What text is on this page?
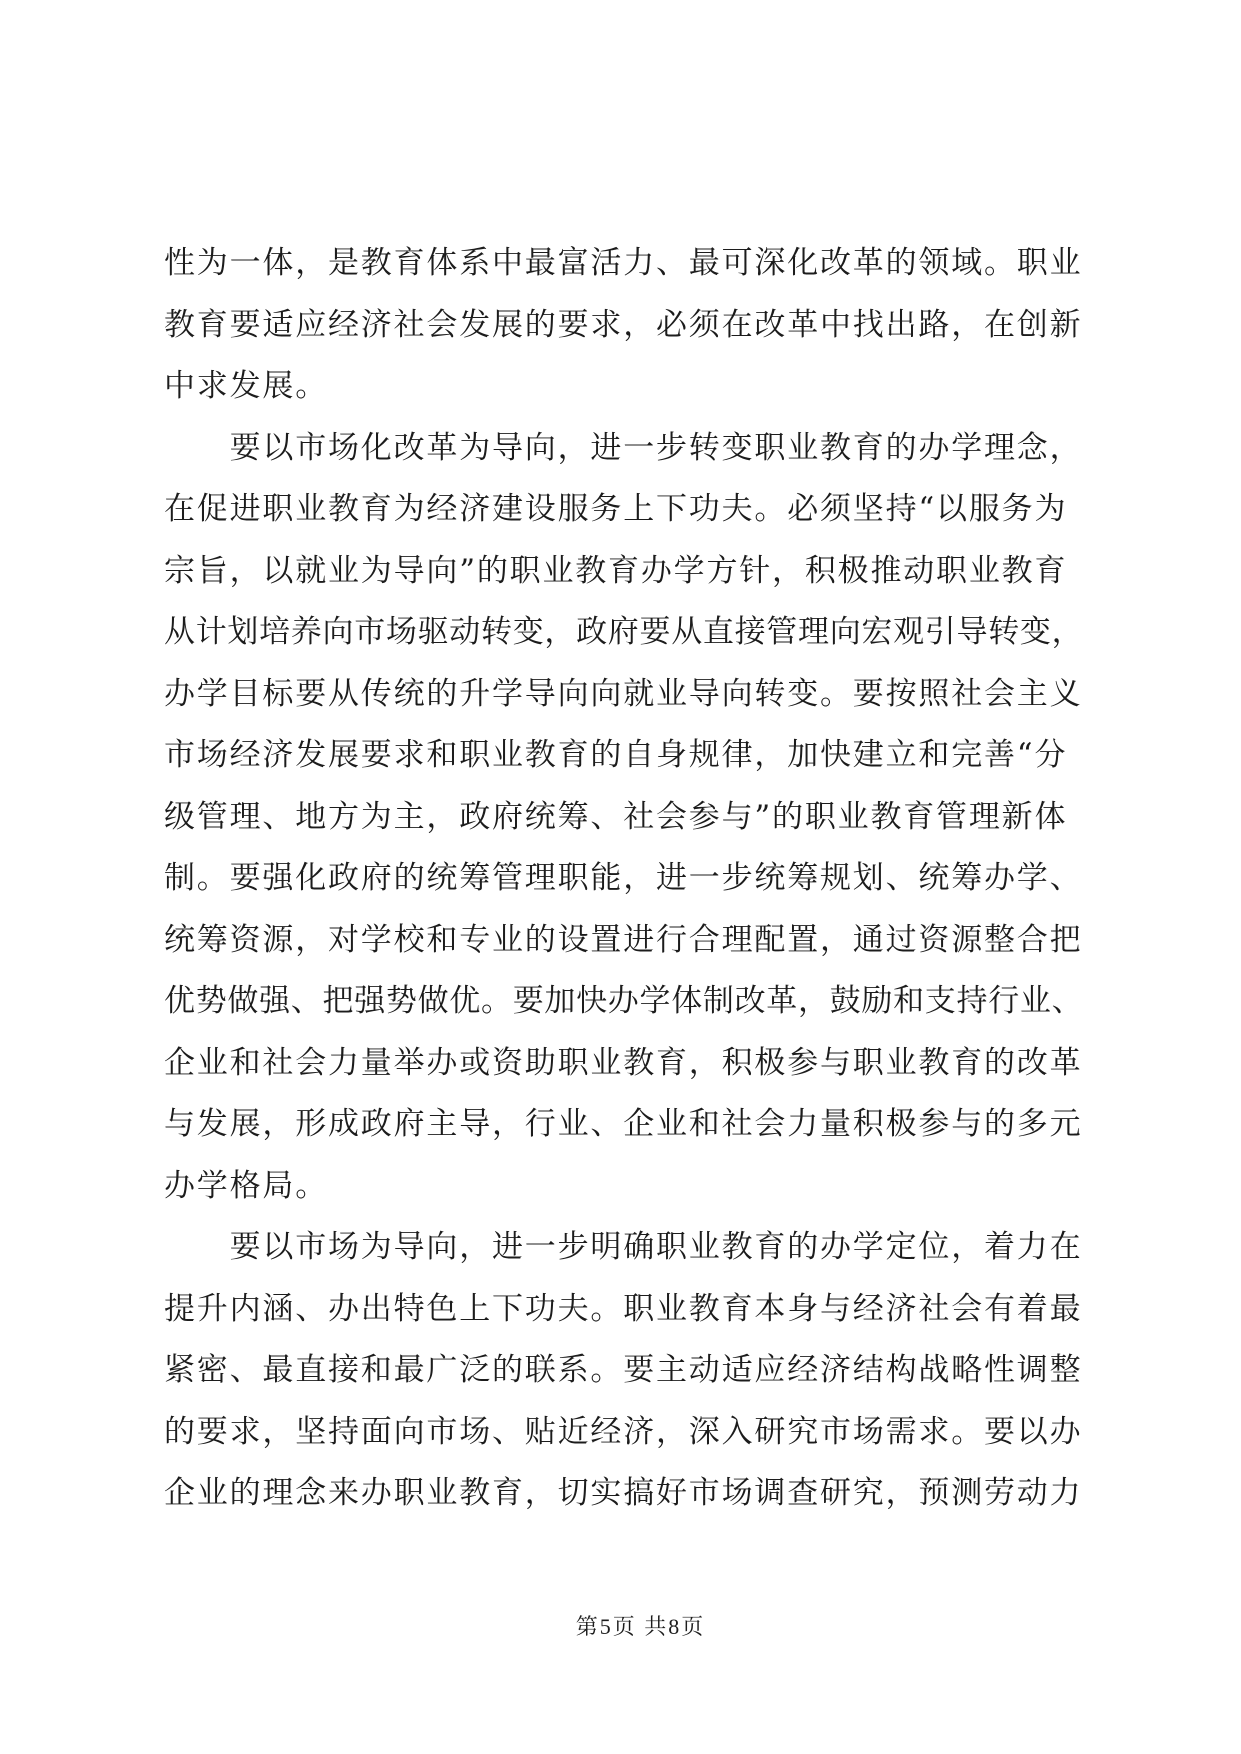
性为一体，是教育体系中最富活力、最可深化改革的领域。职业
教育要适应经济社会发展的要求，必须在改革中找出路，在创新
中求发展。
要以市场化改革为导向，进一步转变职业教育的办学理念，
在促进职业教育为经济建设服务上下功夫。必须坚持“以服务为
宗旨，以就业为导向”的职业教育办学方针，积极推动职业教育
从计划培养向市场驱动转变，政府要从直接管理向宏观引导转变，
办学目标要从传统的升学导向向就业导向转变。要按照社会主义
市场经济发展要求和职业教育的自身规律，加快建立和完善“分
级管理、地方为主，政府统筹、社会参与”的职业教育管理新体
制。要强化政府的统筹管理职能，进一步统筹规划、统筹办学、
统筹资源，对学校和专业的设置进行合理配置，通过资源整合把
优势做强、把强势做优。要加快办学体制改革，鼓励和支持行业、
企业和社会力量举办或资助职业教育，积极参与职业教育的改革
与发展，形成政府主导，行业、企业和社会力量积极参与的多元
办学格局。
要以市场为导向，进一步明确职业教育的办学定位，着力在
提升内涵、办出特色上下功夫。职业教育本身与经济社会有着最
紧密、最直接和最广泛的联系。要主动适应经济结构战略性调整
的要求，坚持面向市场、贴近经济，深入研究市场需求。要以办
企业的理念来办职业教育，切实搞好市场调查研究，预测劳动力
第5页 共8页
